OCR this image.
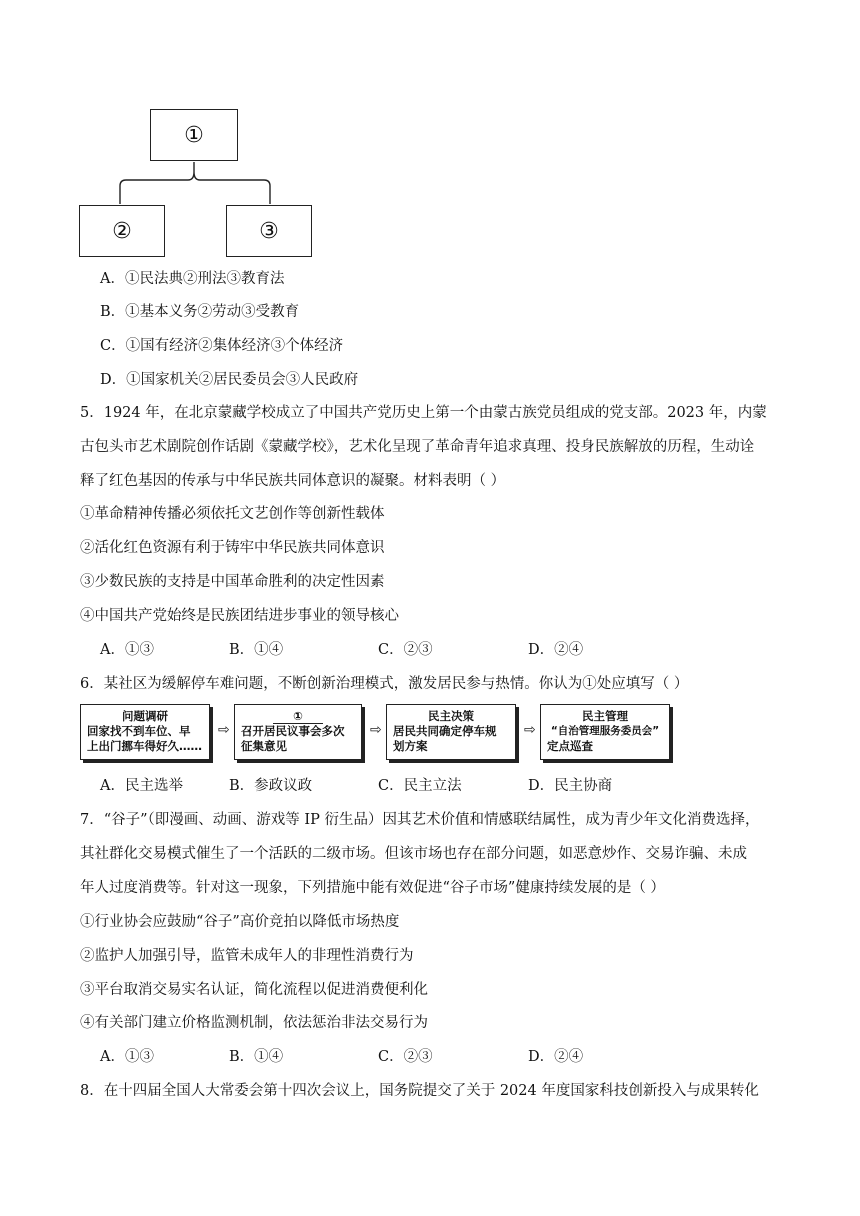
①
②	③
A．①民法典②刑法③教育法
B．①基本义务②劳动③受教育
C．①国有经济②集体经济③个体经济
D．①国家机关②居民委员会③人民政府
5．1924 年，在北京蒙藏学校成立了中国共产党历史上第一个由蒙古族党员组成的党支部。2023 年，内蒙
古包头市艺术剧院创作话剧《蒙藏学校》，艺术化呈现了革命青年追求真理、投身民族解放的历程，生动诠
释了红色基因的传承与中华民族共同体意识的凝聚。材料表明（ ）
①革命精神传播必须依托文艺创作等创新性载体
②活化红色资源有利于铸牢中华民族共同体意识
③少数民族的支持是中国革命胜利的决定性因素
④中国共产党始终是民族团结进步事业的领导核心
A．①③	B．①④	C．②③	D．②④
6．某社区为缓解停车难问题，不断创新治理模式，激发居民参与热情。你认为①处应填写（ ）
问题调研
回家找不到车位、早
上出门挪车得好久……
⇨
①
召开居民议事会多次
征集意见
⇨
民主决策
居民共同确定停车规
划方案
⇨
民主管理
“自治管理服务委员会”
定点巡查
A．民主选举	B．参政议政	C．民主立法	D．民主协商
7．“谷子”（即漫画、动画、游戏等 IP 衍生品）因其艺术价值和情感联结属性，成为青少年文化消费选择，
其社群化交易模式催生了一个活跃的二级市场。但该市场也存在部分问题，如恶意炒作、交易诈骗、未成
年人过度消费等。针对这一现象，下列措施中能有效促进“谷子市场”健康持续发展的是（ ）
①行业协会应鼓励“谷子”高价竞拍以降低市场热度
②监护人加强引导，监管未成年人的非理性消费行为
③平台取消交易实名认证，简化流程以促进消费便利化
④有关部门建立价格监测机制，依法惩治非法交易行为
A．①③	B．①④	C．②③	D．②④
8．在十四届全国人大常委会第十四次会议上，国务院提交了关于 2024 年度国家科技创新投入与成果转化
